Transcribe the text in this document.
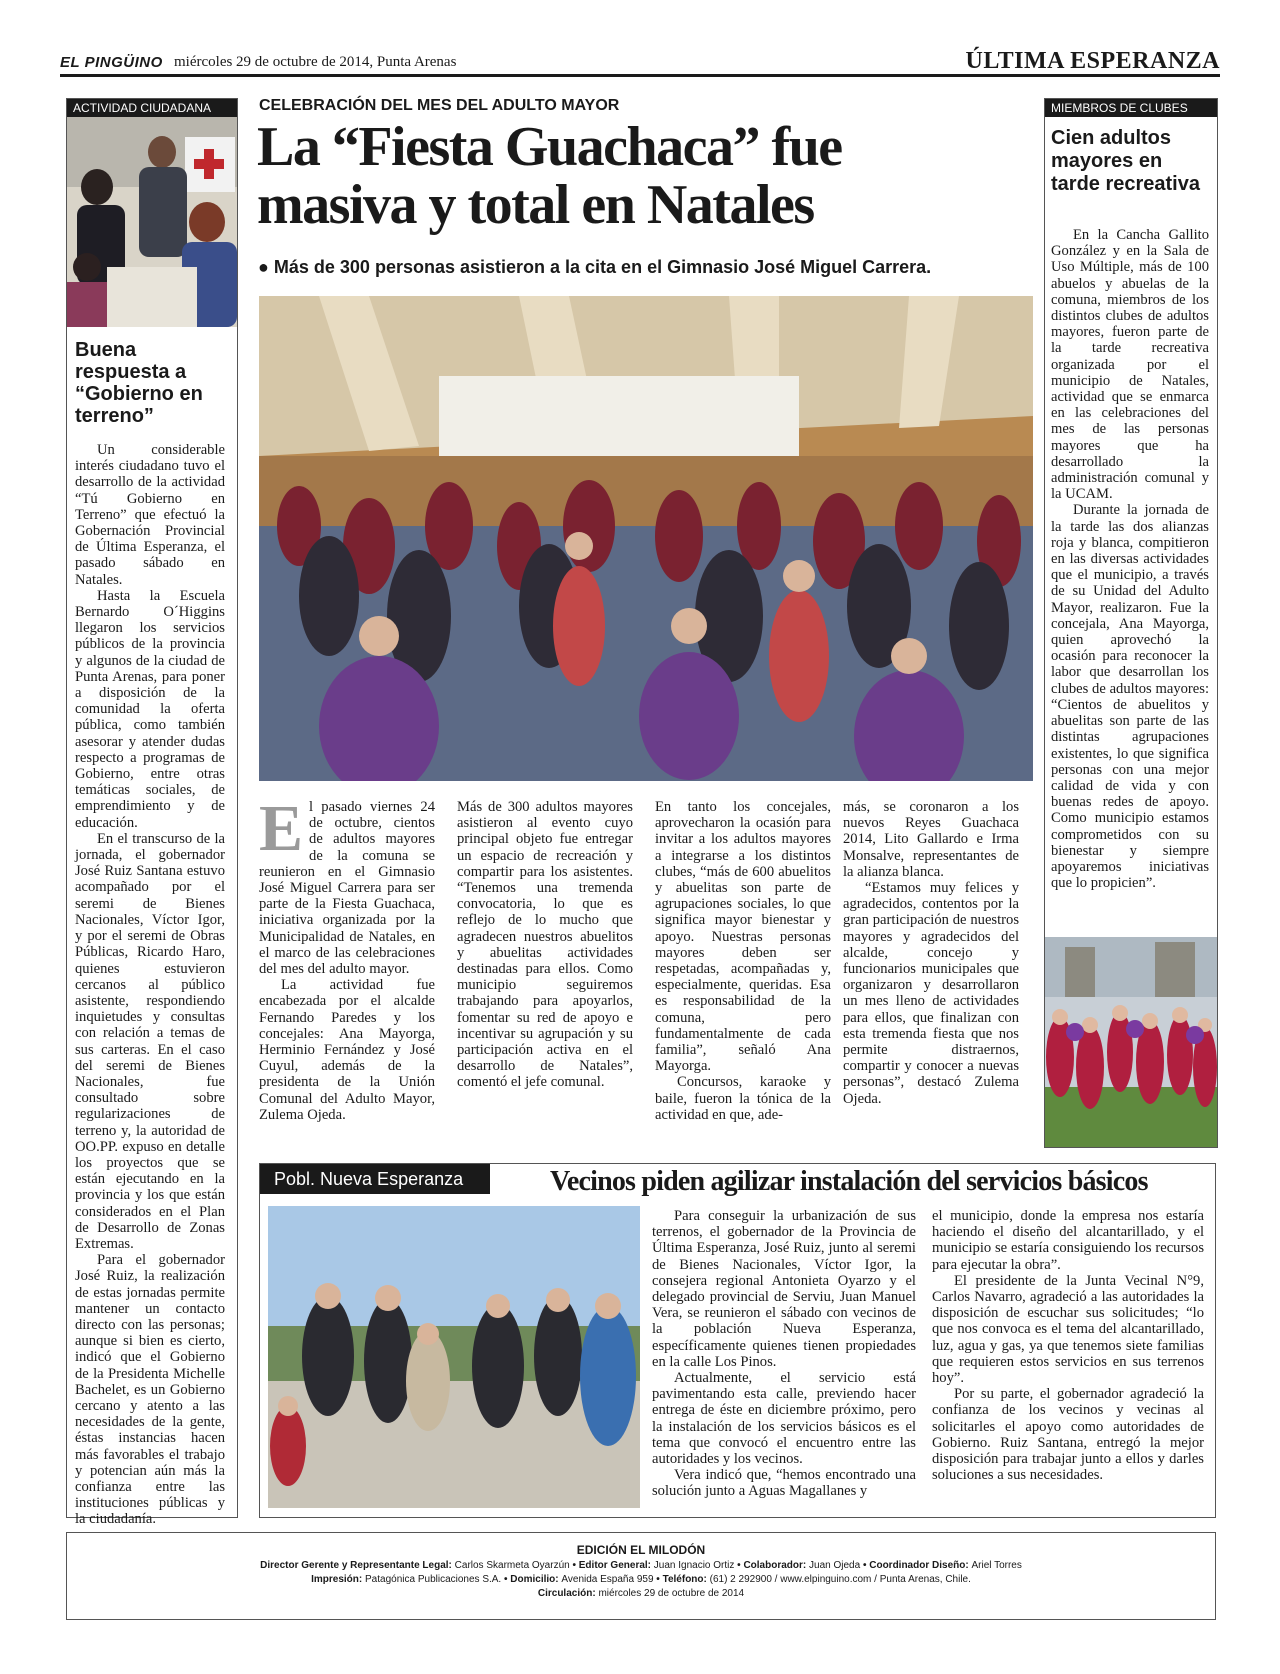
EL PINGÜINO miércoles 29 de octubre de 2014, Punta Arenas	ÚLTIMA ESPERANZA
ACTIVIDAD CIUDADANA
Buena respuesta a “Gobierno en terreno”

Un considerable interés ciudadano tuvo el desarrollo de la actividad “Tú Gobierno en Terreno” que efectuó la Gobernación Provincial de Última Esperanza, el pasado sábado en Natales.

Hasta la Escuela Bernardo O´Higgins llegaron los servicios públicos de la provincia y algunos de la ciudad de Punta Arenas, para poner a disposición de la comunidad la oferta pública, como también asesorar y atender dudas respecto a programas de Gobierno, entre otras temáticas sociales, de emprendimiento y de educación.

En el transcurso de la jornada, el gobernador José Ruiz Santana estuvo acompañado por el seremi de Bienes Nacionales, Víctor Igor, y por el seremi de Obras Públicas, Ricardo Haro, quienes estuvieron cercanos al público asistente, respondiendo inquietudes y consultas con relación a temas de sus carteras. En el caso del seremi de Bienes Nacionales, fue consultado sobre regularizaciones de terreno y, la autoridad de OO.PP. expuso en detalle los proyectos que se están ejecutando en la provincia y los que están considerados en el Plan de Desarrollo de Zonas Extremas.

Para el gobernador José Ruiz, la realización de estas jornadas permite mantener un contacto directo con las personas; aunque si bien es cierto, indicó que el Gobierno de la Presidenta Michelle Bachelet, es un Gobierno cercano y atento a las necesidades de la gente, éstas instancias hacen más favorables el trabajo y potencian aún más la confianza entre las instituciones públicas y la ciudadanía.

CELEBRACIÓN DEL MES DEL ADULTO MAYOR
La “Fiesta Guachaca” fue
masiva y total en Natales
● Más de 300 personas asistieron a la cita en el Gimnasio José Miguel Carrera.
E l pasado viernes 24 de octubre, cientos de adultos mayores de la comuna se reunieron en el Gimnasio José Miguel Carrera para ser parte de la Fiesta Guachaca, iniciativa organizada por la Municipalidad de Natales, en el marco de las celebraciones del mes del adulto mayor.

La actividad fue encabezada por el alcalde Fernando Paredes y los concejales: Ana Mayorga, Herminio Fernández y José Cuyul, además de la presidenta de la Unión Comunal del Adulto Mayor, Zulema Ojeda.

Más de 300 adultos mayores asistieron al evento cuyo principal objeto fue entregar un espacio de recreación y compartir para los asistentes. “Tenemos una tremenda convocatoria, lo que es reflejo de lo mucho que agradecen nuestros abuelitos y abuelitas actividades destinadas para ellos. Como municipio seguiremos trabajando para apoyarlos, fomentar su red de apoyo e incentivar su agrupación y su participación activa en el desarrollo de Natales”, comentó el jefe comunal.
En tanto los concejales, aprovecharon la ocasión para invitar a los adultos mayores a integrarse a los distintos clubes, “más de 600 abuelitos y abuelitas son parte de agrupaciones sociales, lo que significa mayor bienestar y apoyo. Nuestras personas mayores deben ser respetadas, acompañadas y, especialmente, queridas. Esa es responsabilidad de la comuna, pero fundamentalmente de cada familia”, señaló Ana Mayorga.

Concursos, karaoke y baile, fueron la tónica de la actividad en que, ade-

más, se coronaron a los nuevos Reyes Guachaca 2014, Lito Gallardo e Irma Monsalve, representantes de la alianza blanca.

“Estamos muy felices y agradecidos, contentos por la gran participación de nuestros mayores y agradecidos del alcalde, concejo y funcionarios municipales que organizaron y desarrollaron un mes lleno de actividades para ellos, que finalizan con esta tremenda fiesta que nos permite distraernos, compartir y conocer a nuevas personas”, destacó Zulema Ojeda.

MIEMBROS DE CLUBES
Cien adultos mayores en tarde recreativa

En la Cancha Gallito González y en la Sala de Uso Múltiple, más de 100 abuelos y abuelas de la comuna, miembros de los distintos clubes de adultos mayores, fueron parte de la tarde recreativa organizada por el municipio de Natales, actividad que se enmarca en las celebraciones del mes de las personas mayores que ha desarrollado la administración comunal y la UCAM.

Durante la jornada de la tarde las dos alianzas roja y blanca, compitieron en las diversas actividades que el municipio, a través de su Unidad del Adulto Mayor, realizaron. Fue la concejala, Ana Mayorga, quien aprovechó la ocasión para reconocer la labor que desarrollan los clubes de adultos mayores: “Cientos de abuelitos y abuelitas son parte de las distintas agrupaciones existentes, lo que significa personas con una mejor calidad de vida y con buenas redes de apoyo. Como municipio estamos comprometidos con su bienestar y siempre apoyaremos iniciativas que lo propicien”.

Pobl. Nueva Esperanza	Vecinos piden agilizar instalación del servicios básicos

Para conseguir la urbanización de sus terrenos, el gobernador de la Provincia de Última Esperanza, José Ruiz, junto al seremi de Bienes Nacionales, Víctor Igor, la consejera regional Antonieta Oyarzo y el delegado provincial de Serviu, Juan Manuel Vera, se reunieron el sábado con vecinos de la población Nueva Esperanza, específicamente quienes tienen propiedades en la calle Los Pinos.

Actualmente, el servicio está pavimentando esta calle, previendo hacer entrega de éste en diciembre próximo, pero la instalación de los servicios básicos es el tema que convocó el encuentro entre las autoridades y los vecinos.

Vera indicó que, “hemos encontrado una solución junto a Aguas Magallanes y

el municipio, donde la empresa nos estaría haciendo el diseño del alcantarillado, y el municipio se estaría consiguiendo los recursos para ejecutar la obra”.

El presidente de la Junta Vecinal N°9, Carlos Navarro, agradeció a las autoridades la disposición de escuchar sus solicitudes; “lo que nos convoca es el tema del alcantarillado, luz, agua y gas, ya que tenemos siete familias que requieren estos servicios en sus terrenos hoy”.

Por su parte, el gobernador agradeció la confianza de los vecinos y vecinas al solicitarles el apoyo como autoridades de Gobierno. Ruiz Santana, entregó la mejor disposición para trabajar junto a ellos y darles soluciones a sus necesidades.

EDICIÓN EL MILODÓN
Director Gerente y Representante Legal: Carlos Skarmeta Oyarzún • Editor General: Juan Ignacio Ortiz • Colaborador: Juan Ojeda • Coordinador Diseño: Ariel Torres
Impresión: Patagónica Publicaciones S.A. • Domicilio: Avenida España 959 • Teléfono: (61) 2 292900 / www.elpinguino.com / Punta Arenas, Chile.
Circulación: miércoles 29 de octubre de 2014
